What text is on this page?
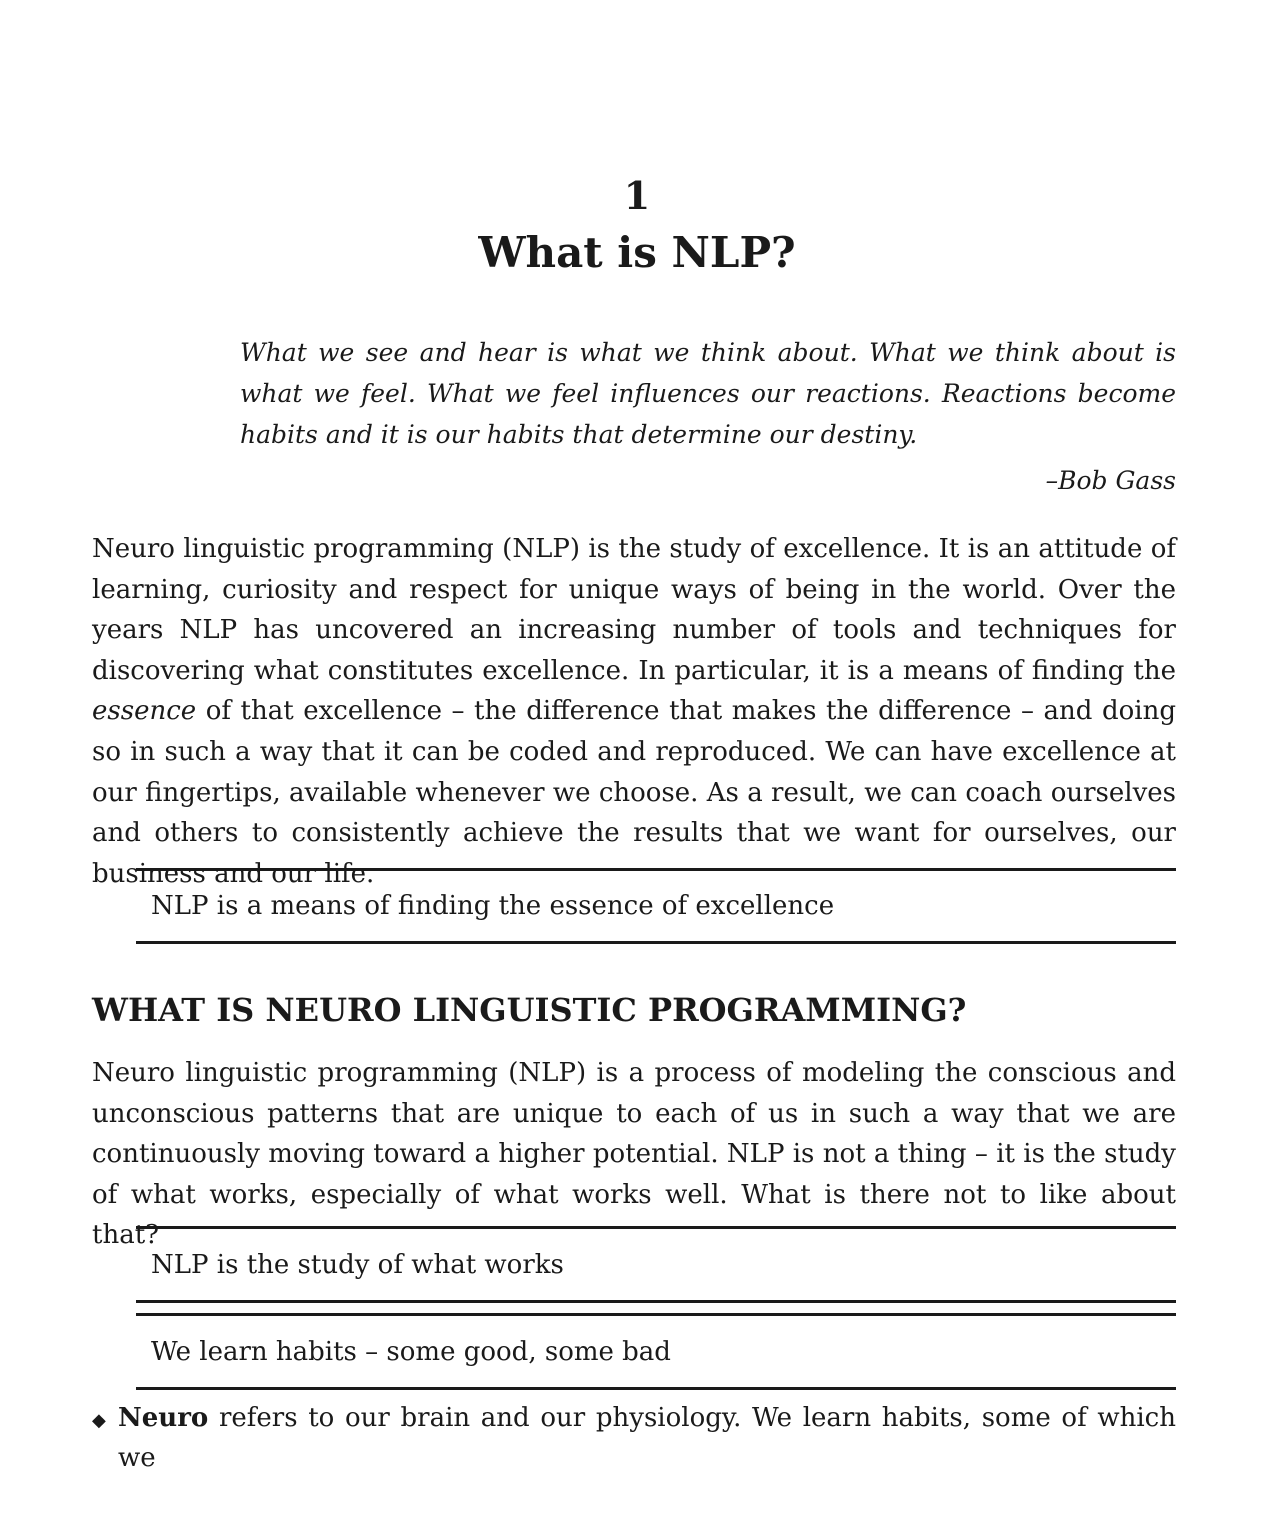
1
What is NLP?

What we see and hear is what we think about. What we think about is what we feel. What we feel influences our reactions. Reactions become habits and it is our habits that determine our destiny.

–Bob Gass

Neuro linguistic programming (NLP) is the study of excellence. It is an attitude of learning, curiosity and respect for unique ways of being in the world. Over the years NLP has uncovered an increasing number of tools and techniques for discovering what constitutes excellence. In particular, it is a means of finding the essence of that excellence – the difference that makes the difference – and doing so in such a way that it can be coded and reproduced. We can have excellence at our fingertips, available whenever we choose. As a result, we can coach ourselves and others to consistently achieve the results that we want for ourselves, our business and our life.

NLP is a means of finding the essence of excellence
WHAT IS NEURO LINGUISTIC PROGRAMMING?

Neuro linguistic programming (NLP) is a process of modeling the conscious and unconscious patterns that are unique to each of us in such a way that we are continuously moving toward a higher potential. NLP is not a thing – it is the study of what works, especially of what works well. What is there not to like about that?

NLP is the study of what works
We learn habits – some good, some bad
◆ Neuro refers to our brain and our physiology. We learn habits, some of which we
